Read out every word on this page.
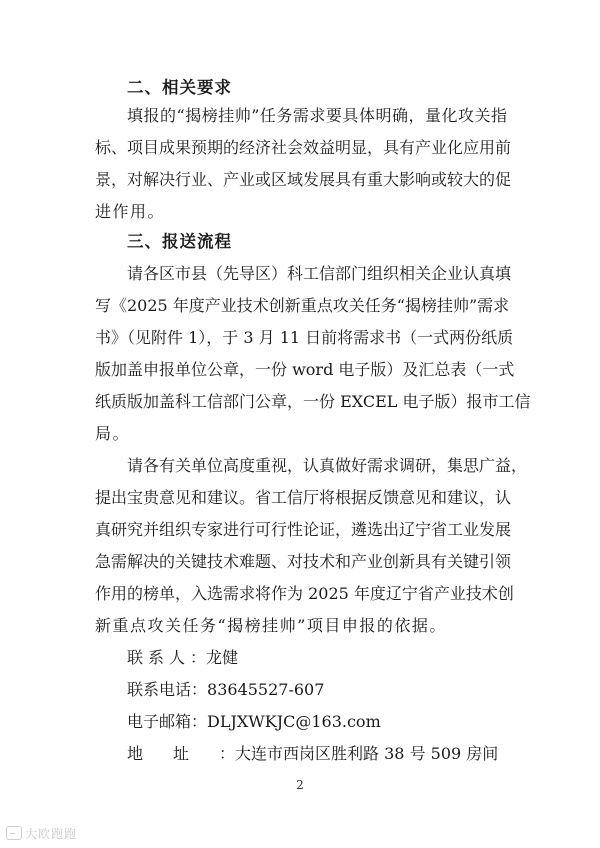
二、相关要求
填报的“揭榜挂帅”任务需求要具体明确，量化攻关指
标、项目成果预期的经济社会效益明显，具有产业化应用前
景，对解决行业、产业或区域发展具有重大影响或较大的促
进作用。
三、报送流程
请各区市县（先导区）科工信部门组织相关企业认真填
写《2025 年度产业技术创新重点攻关任务“揭榜挂帅”需求
书》（见附件 1），于 3 月 11 日前将需求书（一式两份纸质
版加盖申报单位公章，一份 word 电子版）及汇总表（一式
纸质版加盖科工信部门公章，一份 EXCEL 电子版）报市工信
局。
请各有关单位高度重视，认真做好需求调研，集思广益，
提出宝贵意见和建议。省工信厅将根据反馈意见和建议，认
真研究并组织专家进行可行性论证，遴选出辽宁省工业发展
急需解决的关键技术难题、对技术和产业创新具有关键引领
作用的榜单，入选需求将作为 2025 年度辽宁省产业技术创
新重点攻关任务“揭榜挂帅”项目申报的依据。
联系人：龙健
联系电话：83645527-607
电子邮箱：DLJXWKJC@163.com
地址：大连市西岗区胜利路 38 号 509 房间
2
大欧跑跑
